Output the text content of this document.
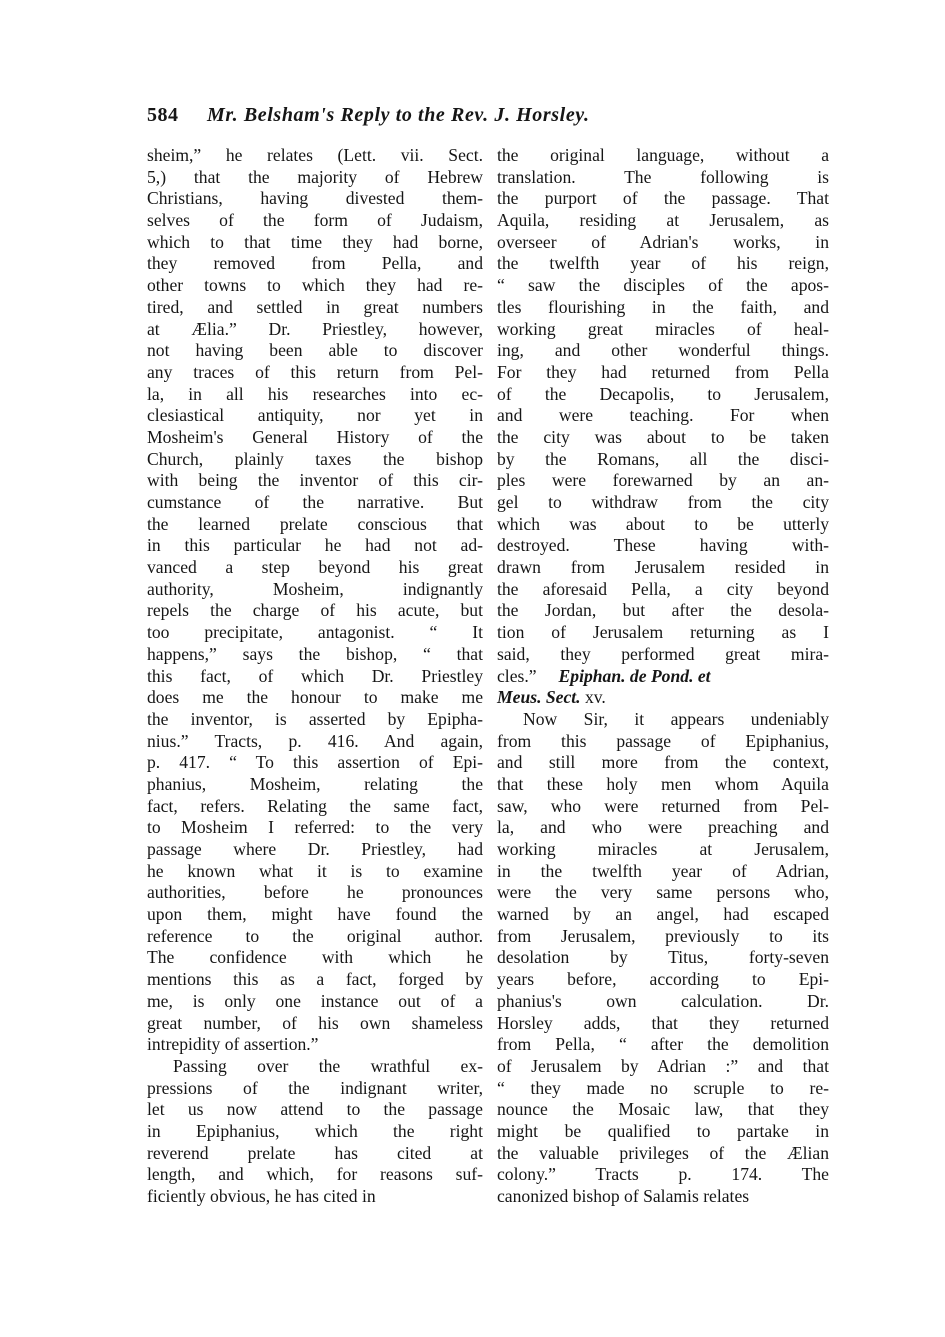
584 Mr. Belsham's Reply to the Rev. J. Horsley.
sheim,” he relates (Lett. vii. Sect.
5,) that the majority of Hebrew
Christians, having divested them-
selves of the form of Judaism,
which to that time they had borne,
they removed from Pella, and
other towns to which they had re-
tired, and settled in great numbers
at Ælia.” Dr. Priestley, however,
not having been able to discover
any traces of this return from Pel-
la, in all his researches into ec-
clesiastical antiquity, nor yet in
Mosheim's General History of the
Church, plainly taxes the bishop
with being the inventor of this cir-
cumstance of the narrative. But
the learned prelate conscious that
in this particular he had not ad-
vanced a step beyond his great
authority, Mosheim, indignantly
repels the charge of his acute, but
too precipitate, antagonist. “ It
happens,” says the bishop, “ that
this fact, of which Dr. Priestley
does me the honour to make me
the inventor, is asserted by Epipha-
nius.” Tracts, p. 416. And again,
p. 417. “ To this assertion of Epi-
phanius, Mosheim, relating the
fact, refers. Relating the same fact,
to Mosheim I referred: to the very
passage where Dr. Priestley, had
he known what it is to examine
authorities, before he pronounces
upon them, might have found the
reference to the original author.
The confidence with which he
mentions this as a fact, forged by
me, is only one instance out of a
great number, of his own shameless
intrepidity of assertion.”
Passing over the wrathful ex-
pressions of the indignant writer,
let us now attend to the passage
in Epiphanius, which the right
reverend prelate has cited at
length, and which, for reasons suf-
ficiently obvious, he has cited in
the original language, without a
translation. The following is
the purport of the passage. That
Aquila, residing at Jerusalem, as
overseer of Adrian's works, in
the twelfth year of his reign,
“ saw the disciples of the apos-
tles flourishing in the faith, and
working great miracles of heal-
ing, and other wonderful things.
For they had returned from Pella
of the Decapolis, to Jerusalem,
and were teaching. For when
the city was about to be taken
by the Romans, all the disci-
ples were forewarned by an an-
gel to withdraw from the city
which was about to be utterly
destroyed. These having with-
drawn from Jerusalem resided in
the aforesaid Pella, a city beyond
the Jordan, but after the desola-
tion of Jerusalem returning as I
said, they performed great mira-
cles.”     Epiphan. de Pond. et
Meus. Sect. xv.
Now Sir, it appears undeniably
from this passage of Epiphanius,
and still more from the context,
that these holy men whom Aquila
saw, who were returned from Pel-
la, and who were preaching and
working miracles at Jerusalem,
in the twelfth year of Adrian,
were the very same persons who,
warned by an angel, had escaped
from Jerusalem, previously to its
desolation by Titus, forty-seven
years before, according to Epi-
phanius's own calculation. Dr.
Horsley adds, that they returned
from Pella, “ after the demolition
of Jerusalem by Adrian :” and that
“ they made no scruple to re-
nounce the Mosaic law, that they
might be qualified to partake in
the valuable privileges of the Ælian
colony.” Tracts p. 174. The
canonized bishop of Salamis relates
